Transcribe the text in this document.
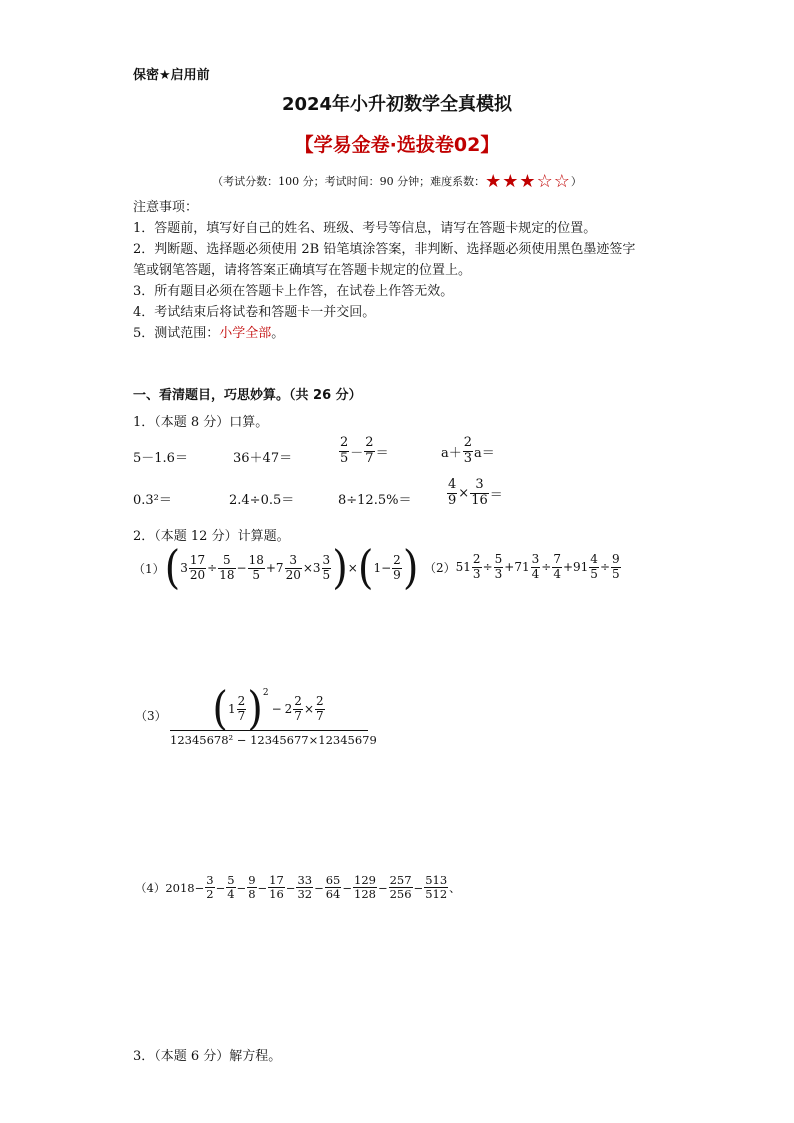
保密★启用前
2024年小升初数学全真模拟
【学易金卷·选拔卷02】
（考试分数：100 分；考试时间：90 分钟；难度系数：★★★☆☆）
注意事项：
1．答题前，填写好自己的姓名、班级、考号等信息，请写在答题卡规定的位置。
2．判断题、选择题必须使用 2B 铅笔填涂答案，非判断、选择题必须使用黑色墨迹签字
笔或钢笔答题，请将答案正确填写在答题卡规定的位置上。
3．所有题目必须在答题卡上作答，在试卷上作答无效。
4．考试结束后将试卷和答题卡一并交回。
5．测试范围：小学全部。
一、看清题目，巧思妙算。（共 26 分）
1．（本题 8 分）口算。
5－1.6＝	36＋47＝	$\frac{2}{5} - \frac{2}{7}$ ＝	$a+ \frac{2}{3} a=$
0.3²＝	2.4÷0.5＝	8÷12.5%＝	$\frac{4}{9} \times \frac{3}{16}$ ＝
2．（本题 12 分）计算题。
（1） ( $3 \frac{17}{20} \div \frac{5}{18} - \frac{18}{5} + 7 \frac{3}{20} \times 3 \frac{3}{5}$ ) × ( $1 - \frac{2}{9}$ ) （2） $51 \frac{2}{3} \div \frac{5}{3} + 71 \frac{3}{4} \div \frac{7}{4} + 91 \frac{4}{5} \div \frac{9}{5}$
（3） ( $1 \frac{2}{7} )^2$
− $2 \frac{2}{7} \times \frac{2}{7}$
12345678² − 12345677×12345679
（4） $2018 - \frac{3}{2} - \frac{5}{4} - \frac{9}{8} - \frac{17}{16} - \frac{33}{32} - \frac{65}{64} - \frac{129}{128} - \frac{257}{256} - \frac{513}{512}$ 、
3．（本题 6 分）解方程。
